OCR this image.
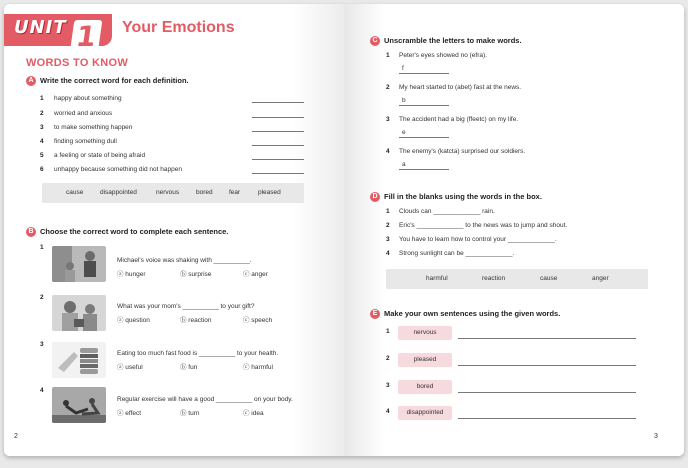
UNIT 1 Your Emotions
WORDS TO KNOW
A Write the correct word for each definition.
1 happy about something
2 worried and anxious
3 to make something happen
4 finding something dull
5 a feeling or state of being afraid
6 unhappy because something did not happen
cause	disappointed	nervous	bored	fear	pleased
B Choose the correct word to complete each sentence.
1
Michael's voice was shaking with __________.
ⓐ hunger	ⓑ surprise	ⓒ anger
2
What was your mom's __________ to your gift?
ⓐ question	ⓑ reaction	ⓒ speech
3
Eating too much fast food is __________ to your health.
ⓐ useful	ⓑ fun	ⓒ harmful
4
Regular exercise will have a good __________ on your body.
ⓐ effect	ⓑ turn	ⓒ idea
2
C Unscramble the letters to make words.
1 Peter's eyes showed no (efra).
f
2 My heart started to (abet) fast at the news.
b
3 The accident had a big (ffeetc) on my life.
e
4 The enemy's (katcta) surprised our soldiers.
a
D Fill in the blanks using the words in the box.
1 Clouds can _____________ rain.
2 Eric's _____________ to the news was to jump and shout.
3 You have to learn how to control your _____________.
4 Strong sunlight can be _____________.
harmful	reaction	cause	anger
E Make your own sentences using the given words.
1	nervous
2	pleased
3	bored
4	disappointed
3
